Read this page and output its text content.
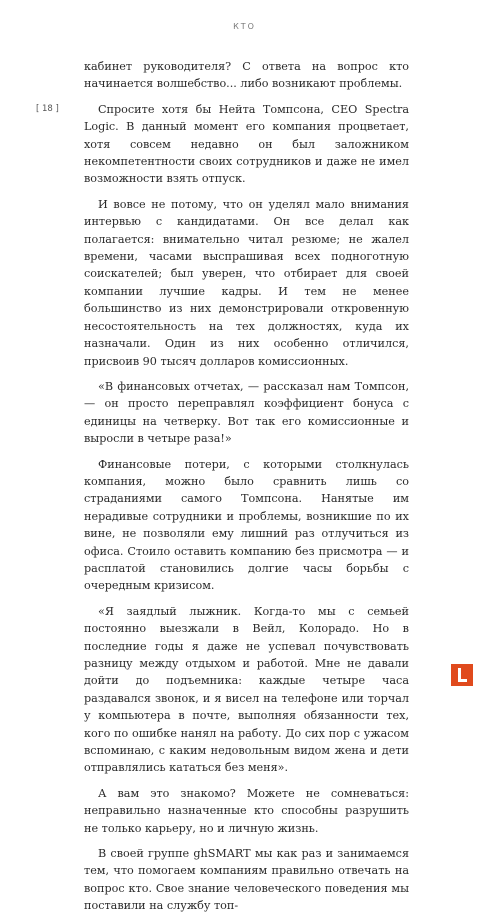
КТО
[ 18 ]

кабинет руководителя? С ответа на вопрос кто начинается волшебство... либо возникают проблемы.

Спросите хотя бы Нейта Томпсона, CEO Spectra Logic. В данный момент его компания процветает, хотя совсем недавно он был заложником некомпетентности своих сотрудников и даже не имел возможности взять отпуск.

И вовсе не потому, что он уделял мало внимания интервью с кандидатами. Он все делал как полагается: внимательно читал резюме; не жалел времени, часами выспрашивая всех подноготную соискателей; был уверен, что отбирает для своей компании лучшие кадры. И тем не менее большинство из них демонстрировали откровенную несостоятельность на тех должностях, куда их назначали. Один из них особенно отличился, присвоив 90 тысяч долларов комиссионных.

«В финансовых отчетах, — рассказал нам Томпсон, — он просто переправлял коэффициент бонуса с единицы на четверку. Вот так его комиссионные и выросли в четыре раза!»

Финансовые потери, с которыми столкнулась компания, можно было сравнить лишь со страданиями самого Томпсона. Нанятые им нерадивые сотрудники и проблемы, возникшие по их вине, не позволяли ему лишний раз отлучиться из офиса. Стоило оставить компанию без присмотра — и расплатой становились долгие часы борьбы с очередным кризисом.

«Я заядлый лыжник. Когда-то мы с семьей постоянно выезжали в Вейл, Колорадо. Но в последние годы я даже не успевал почувствовать разницу между отдыхом и работой. Мне не давали дойти до подъемника: каждые четыре часа раздавался звонок, и я висел на телефоне или торчал у компьютера в почте, выполняя обязанности тех, кого по ошибке нанял на работу. До сих пор с ужасом вспоминаю, с каким недовольным видом жена и дети отправлялись кататься без меня».

А вам это знакомо? Можете не сомневаться: неправильно назначенные кто способны разрушить не только карьеру, но и личную жизнь.

В своей группе ghSMART мы как раз и занимаемся тем, что помогаем компаниям правильно отвечать на вопрос кто. Свое знание человеческого поведения мы поставили на службу топ-
